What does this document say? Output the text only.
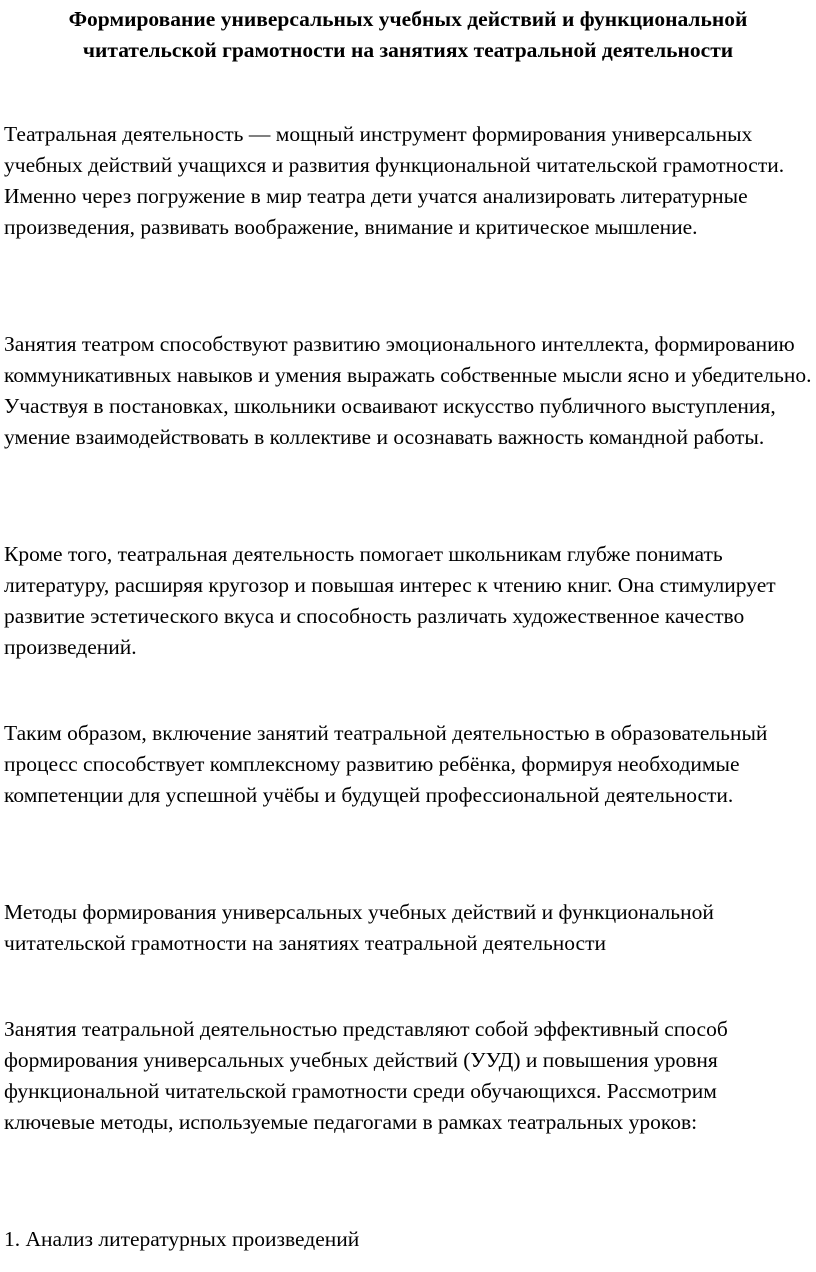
Формирование универсальных учебных действий и функциональной читательской грамотности на занятиях театральной деятельности

Театральная деятельность — мощный инструмент формирования универсальных учебных действий учащихся и развития функциональной читательской грамотности. Именно через погружение в мир театра дети учатся анализировать литературные произведения, развивать воображение, внимание и критическое мышление.

Занятия театром способствуют развитию эмоционального интеллекта, формированию коммуникативных навыков и умения выражать собственные мысли ясно и убедительно. Участвуя в постановках, школьники осваивают искусство публичного выступления, умение взаимодействовать в коллективе и осознавать важность командной работы.

Кроме того, театральная деятельность помогает школьникам глубже понимать литературу, расширяя кругозор и повышая интерес к чтению книг. Она стимулирует развитие эстетического вкуса и способность различать художественное качество произведений.

Таким образом, включение занятий театральной деятельностью в образовательный процесс способствует комплексному развитию ребёнка, формируя необходимые компетенции для успешной учёбы и будущей профессиональной деятельности.

Методы формирования универсальных учебных действий и функциональной читательской грамотности на занятиях театральной деятельности

Занятия театральной деятельностью представляют собой эффективный способ формирования универсальных учебных действий (УУД) и повышения уровня функциональной читательской грамотности среди обучающихся. Рассмотрим ключевые методы, используемые педагогами в рамках театральных уроков:

1. Анализ литературных произведений
